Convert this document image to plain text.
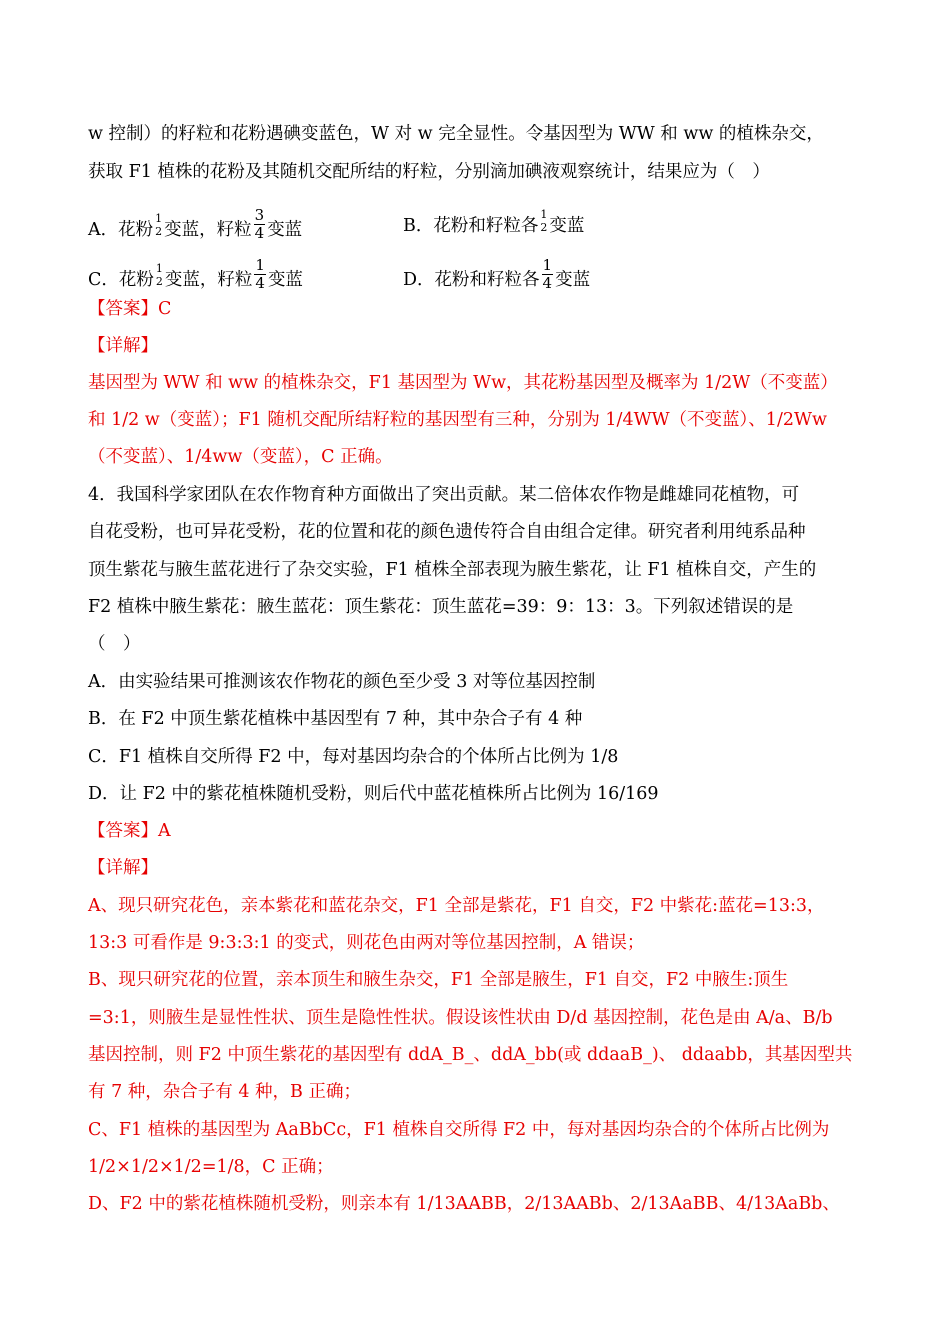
w 控制）的籽粒和花粉遇碘变蓝色，W 对 w 完全显性。令基因型为 WW 和 ww 的植株杂交，
获取 F1 植株的花粉及其随机交配所结的籽粒，分别滴加碘液观察统计，结果应为（　）
A．花粉
1
2 变蓝，籽粒 $\frac{3}{4}$ 变蓝	B．花粉和籽粒各
1
2 变蓝
C．花粉
1
2 变蓝，籽粒 $\frac{1}{4}$ 变蓝	D．花粉和籽粒各 $\frac{1}{4}$ 变蓝
【答案】C
【详解】
基因型为 WW 和 ww 的植株杂交，F1 基因型为 Ww，其花粉基因型及概率为 1/2W（不变蓝）
和 1/2 w（变蓝）；F1 随机交配所结籽粒的基因型有三种，分别为 1/4WW（不变蓝）、1/2Ww
（不变蓝）、1/4ww（变蓝），C 正确。
4．我国科学家团队在农作物育种方面做出了突出贡献。某二倍体农作物是雌雄同花植物，可
自花受粉，也可异花受粉，花的位置和花的颜色遗传符合自由组合定律。研究者利用纯系品种
顶生紫花与腋生蓝花进行了杂交实验，F1 植株全部表现为腋生紫花，让 F1 植株自交，产生的
F2 植株中腋生紫花：腋生蓝花：顶生紫花：顶生蓝花=39：9：13：3。下列叙述错误的是
（　）
A．由实验结果可推测该农作物花的颜色至少受 3 对等位基因控制
B．在 F2 中顶生紫花植株中基因型有 7 种，其中杂合子有 4 种
C．F1 植株自交所得 F2 中，每对基因均杂合的个体所占比例为 1/8
D．让 F2 中的紫花植株随机受粉，则后代中蓝花植株所占比例为 16/169
【答案】A
【详解】
A、现只研究花色，亲本紫花和蓝花杂交，F1 全部是紫花，F1 自交，F2 中紫花:蓝花=13:3，
13:3 可看作是 9:3:3:1 的变式，则花色由两对等位基因控制，A 错误；
B、现只研究花的位置，亲本顶生和腋生杂交，F1 全部是腋生，F1 自交，F2 中腋生:顶生
=3:1，则腋生是显性性状、顶生是隐性性状。假设该性状由 D/d 基因控制，花色是由 A/a、B/b
基因控制，则 F2 中顶生紫花的基因型有 ddA_B_、ddA_bb(或 ddaaB_)、 ddaabb，其基因型共
有 7 种，杂合子有 4 种，B 正确；
C、F1 植株的基因型为 AaBbCc，F1 植株自交所得 F2 中，每对基因均杂合的个体所占比例为
1/2×1/2×1/2=1/8，C 正确；
D、F2 中的紫花植株随机受粉，则亲本有 1/13AABB，2/13AABb、2/13AaBB、4/13AaBb、
